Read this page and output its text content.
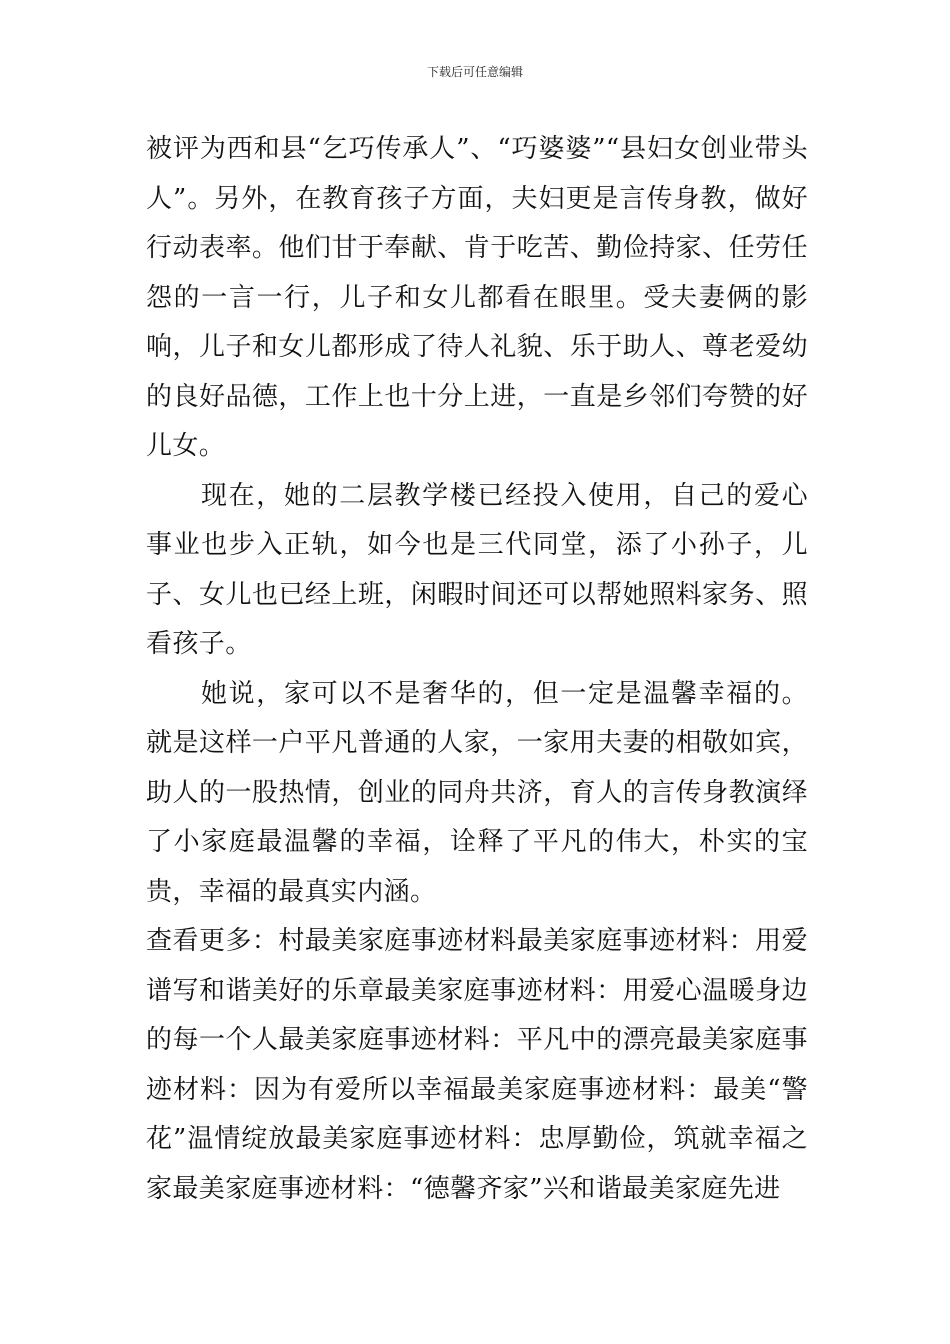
下载后可任意编辑

被评为西和县“乞巧传承人”、“巧婆婆”“县妇女创业带头人”。另外，在教育孩子方面，夫妇更是言传身教，做好行动表率。他们甘于奉献、肯于吃苦、勤俭持家、任劳任怨的一言一行，儿子和女儿都看在眼里。受夫妻俩的影响，儿子和女儿都形成了待人礼貌、乐于助人、尊老爱幼的良好品德，工作上也十分上进，一直是乡邻们夸赞的好儿女。

现在，她的二层教学楼已经投入使用，自己的爱心事业也步入正轨，如今也是三代同堂，添了小孙子，儿子、女儿也已经上班，闲暇时间还可以帮她照料家务、照看孩子。

她说，家可以不是奢华的，但一定是温馨幸福的。就是这样一户平凡普通的人家，一家用夫妻的相敬如宾，助人的一股热情，创业的同舟共济，育人的言传身教演绎了小家庭最温馨的幸福，诠释了平凡的伟大，朴实的宝贵，幸福的最真实内涵。

查看更多：村最美家庭事迹材料最美家庭事迹材料：用爱谱写和谐美好的乐章最美家庭事迹材料：用爱心温暖身边的每一个人最美家庭事迹材料：平凡中的漂亮最美家庭事迹材料：因为有爱所以幸福最美家庭事迹材料：最美“警花”温情绽放最美家庭事迹材料：忠厚勤俭，筑就幸福之家最美家庭事迹材料：“德馨齐家”兴和谐最美家庭先进
